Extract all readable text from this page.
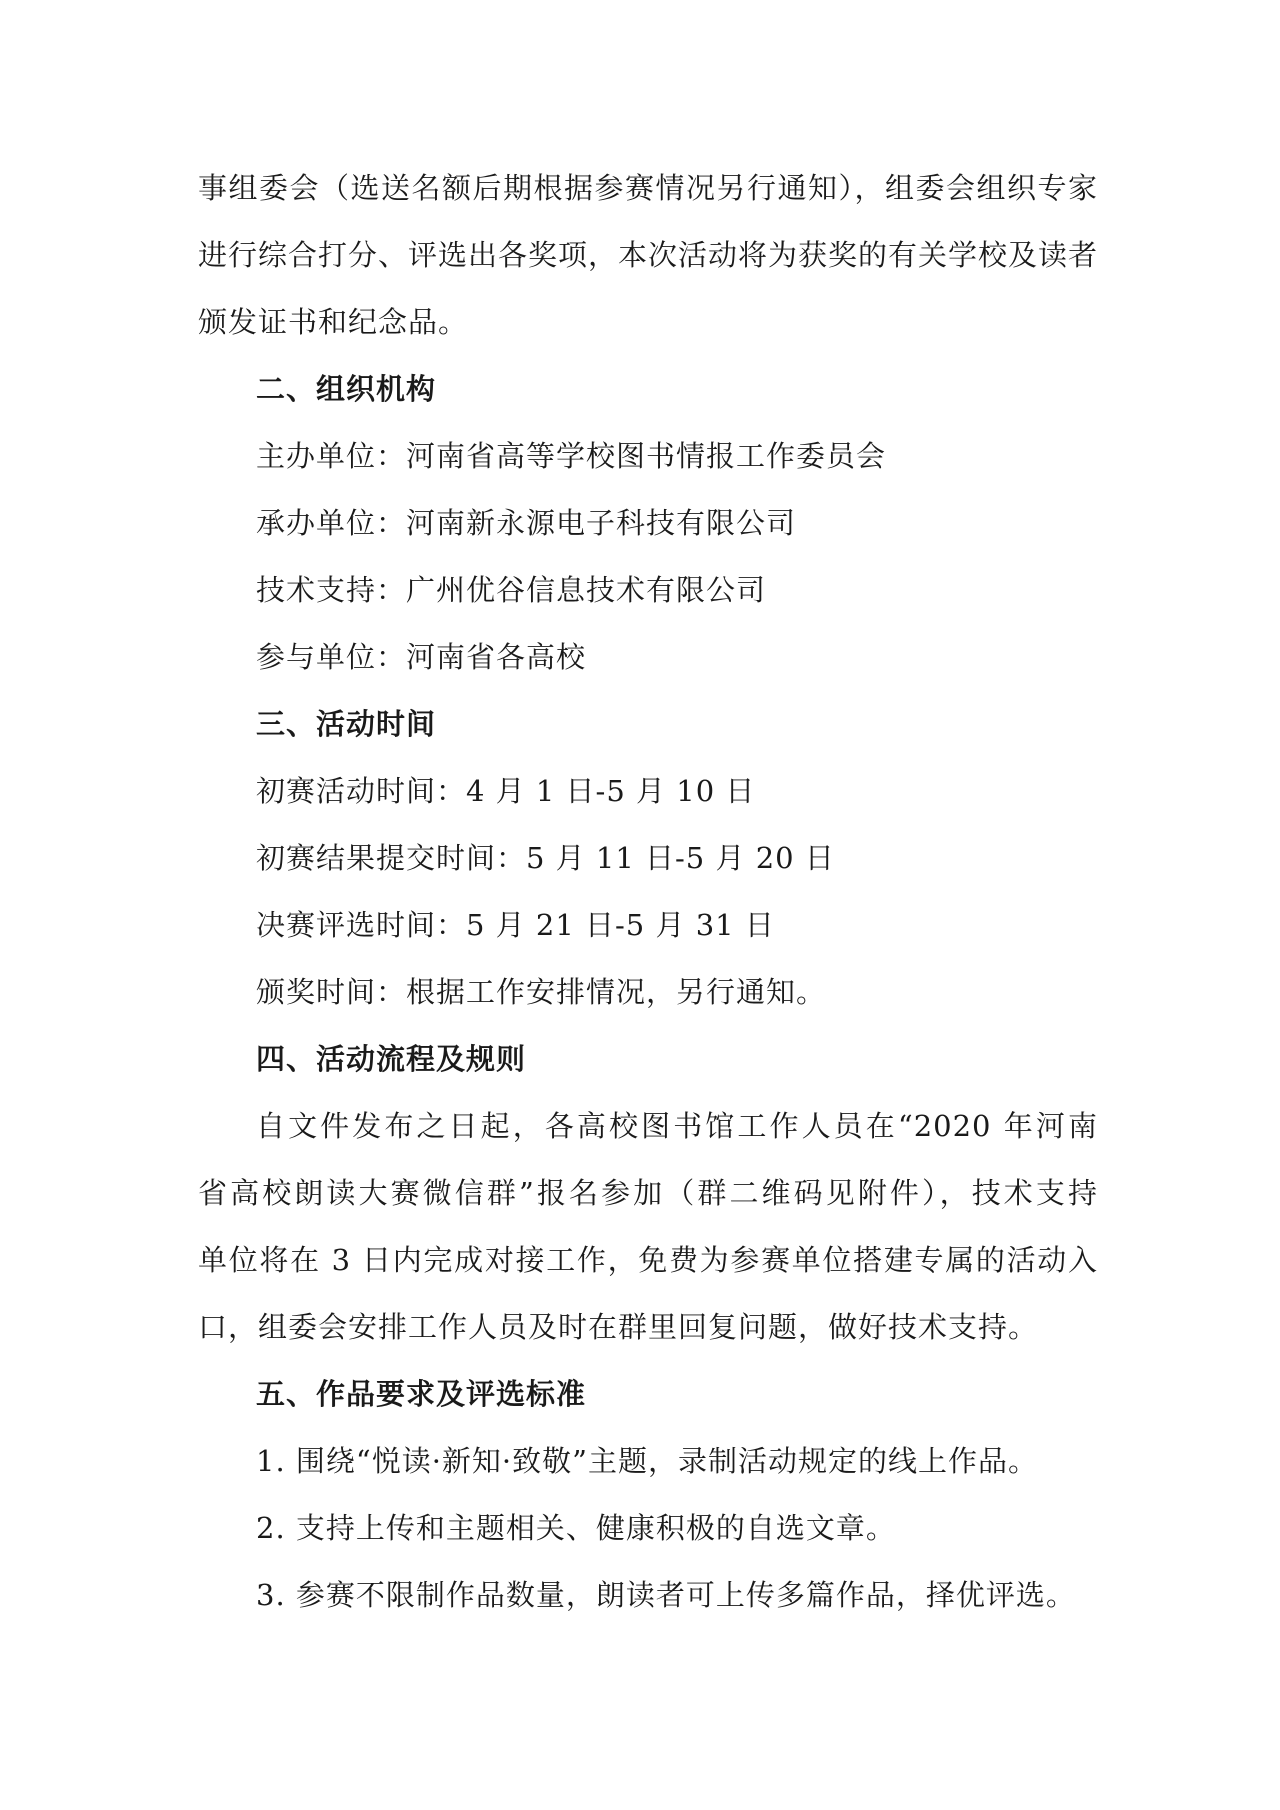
事组委会（选送名额后期根据参赛情况另行通知），组委会组织专家
进行综合打分、评选出各奖项，本次活动将为获奖的有关学校及读者
颁发证书和纪念品。
二、组织机构
主办单位：河南省高等学校图书情报工作委员会
承办单位：河南新永源电子科技有限公司
技术支持：广州优谷信息技术有限公司
参与单位：河南省各高校
三、活动时间
初赛活动时间：4 月 1 日-5 月 10 日
初赛结果提交时间：5 月 11 日-5 月 20 日
决赛评选时间：5 月 21 日-5 月 31 日
颁奖时间：根据工作安排情况，另行通知。
四、活动流程及规则
自文件发布之日起，各高校图书馆工作人员在“2020 年河南
省高校朗读大赛微信群”报名参加（群二维码见附件），技术支持
单位将在 3 日内完成对接工作，免费为参赛单位搭建专属的活动入
口，组委会安排工作人员及时在群里回复问题，做好技术支持。
五、作品要求及评选标准
1. 围绕“悦读·新知·致敬”主题，录制活动规定的线上作品。
2. 支持上传和主题相关、健康积极的自选文章。
3. 参赛不限制作品数量，朗读者可上传多篇作品，择优评选。
